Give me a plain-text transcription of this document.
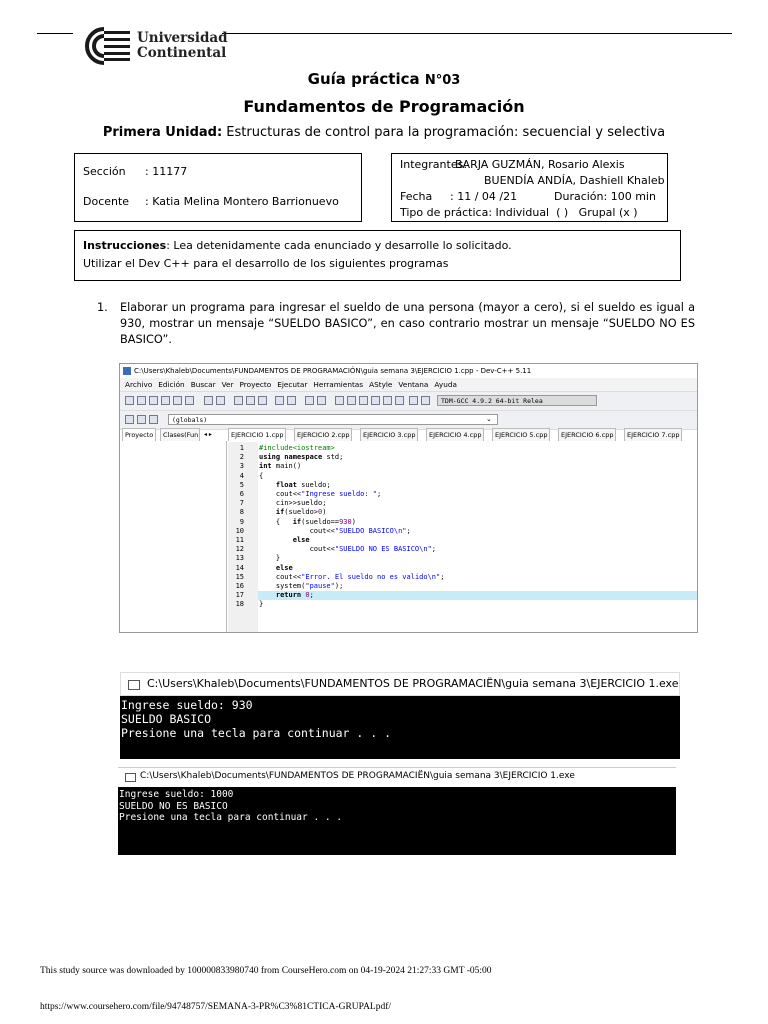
Universidad
Continental
Guía práctica N°03
Fundamentos de Programación
Primera Unidad: Estructuras de control para la programación: secuencial y selectiva
Sección : 11177
Docente : Katia Melina Montero Barrionuevo
Integrantes:
BARJA GUZMÁN, Rosario Alexis
BUENDÍA ANDÍA, Dashiell Khaleb
Fecha : 11 / 04 /21	Duración: 100 min
Tipo de práctica: Individual  ( )   Grupal (x )
Instrucciones: Lea detenidamente cada enunciado y desarrolle lo solicitado.
Utilizar el Dev C++ para el desarrollo de los siguientes programas
1. Elaborar un programa para ingresar el sueldo de una persona (mayor a cero), si el sueldo es igual a 930, mostrar un mensaje “SUELDO BASICO”, en caso contrario mostrar un mensaje “SUELDO NO ES BASICO”.
C:\Users\Khaleb\Documents\FUNDAMENTOS DE PROGRAMACIÓN\guia semana 3\EJERCICIO 1.cpp - Dev-C++ 5.11
Archivo Edición Buscar Ver Proyecto Ejecutar Herramientas AStyle Ventana Ayuda
TDM-GCC 4.9.2 64-bit Relea
(globals)	⌄
Proyecto	Clases(Fun ◂ ▸	EJERCICIO 1.cpp	EJERCICIO 2.cpp	EJERCICIO 3.cpp	EJERCICIO 4.cpp	EJERCICIO 5.cpp	EJERCICIO 6.cpp	EJERCICIO 7.cpp
1 #include<iostream>
2 using namespace std;
3 int main()
4 {
5	float sueldo;
6 cout<<"Ingrese sueldo: ";
7 cin>>sueldo;
8	if(sueldo>0)
9 {   if(sueldo==930)
10 cout<<"SUELDO BASICO\n";
11	else
12 cout<<"SUELDO NO ES BASICO\n";
13 }
14	else
15 cout<<"Error. El sueldo no es valido\n";
16 system("pause");
17	return 0;
18 }
C:\Users\Khaleb\Documents\FUNDAMENTOS DE PROGRAMACIËN\guia semana 3\EJERCICIO 1.exe
Ingrese sueldo: 930
SUELDO BASICO
Presione una tecla para continuar . . .
C:\Users\Khaleb\Documents\FUNDAMENTOS DE PROGRAMACIËN\guia semana 3\EJERCICIO 1.exe
Ingrese sueldo: 1000
SUELDO NO ES BASICO
Presione una tecla para continuar . . .
This study source was downloaded by 100000833980740 from CourseHero.com on 04-19-2024 21:27:33 GMT -05:00
https://www.coursehero.com/file/94748757/SEMANA-3-PR%C3%81CTICA-GRUPALpdf/
